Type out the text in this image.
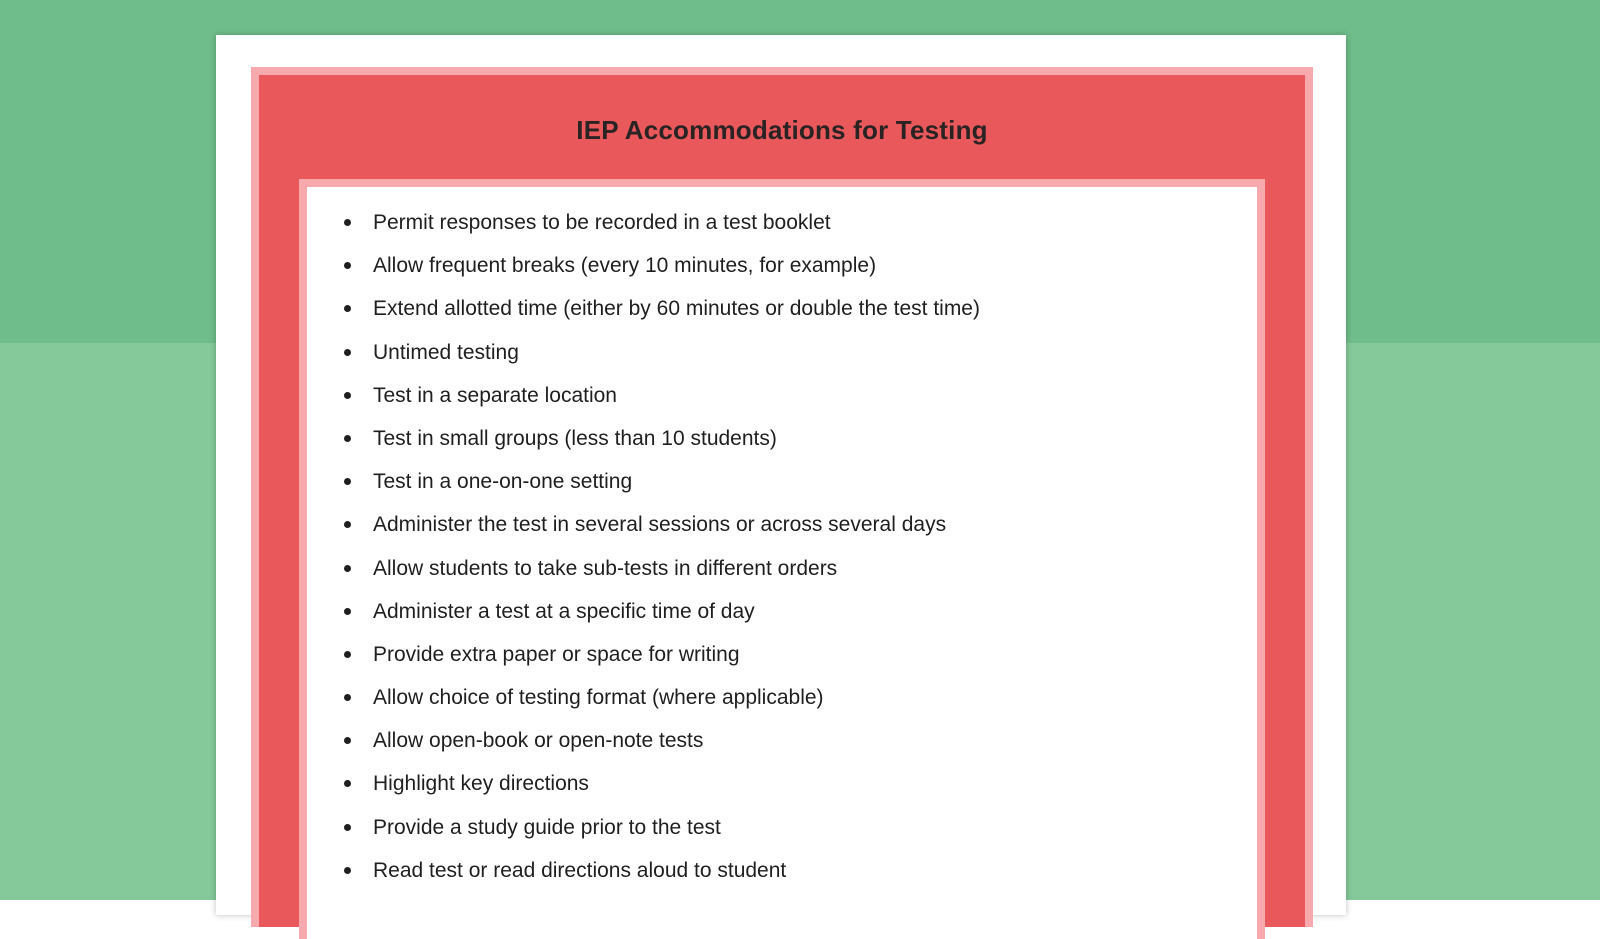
IEP Accommodations for Testing
Permit responses to be recorded in a test booklet
Allow frequent breaks (every 10 minutes, for example)
Extend allotted time (either by 60 minutes or double the test time)
Untimed testing
Test in a separate location
Test in small groups (less than 10 students)
Test in a one-on-one setting
Administer the test in several sessions or across several days
Allow students to take sub-tests in different orders
Administer a test at a specific time of day
Provide extra paper or space for writing
Allow choice of testing format (where applicable)
Allow open-book or open-note tests
Highlight key directions
Provide a study guide prior to the test
Read test or read directions aloud to student
